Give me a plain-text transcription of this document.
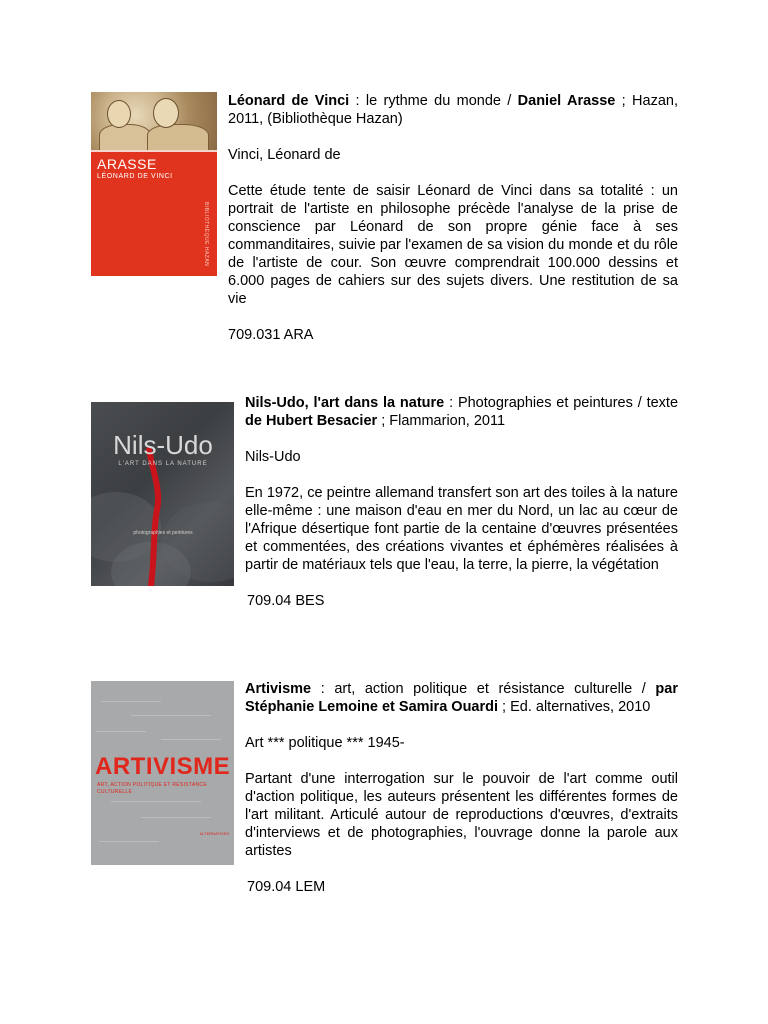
ARASSE
LÉONARD DE VINCI
BIBLIOTHÈQUE HAZAN

Léonard de Vinci : le rythme du monde / Daniel Arasse ; Hazan, 2011, (Bibliothèque Hazan)

Vinci, Léonard de

Cette étude tente de saisir Léonard de Vinci dans sa totalité : un portrait de l'artiste en philosophe précède l'analyse de la prise de conscience par Léonard de son propre génie face à ses commanditaires, suivie par l'examen de sa vision du monde et du rôle de l'artiste de cour. Son œuvre comprendrait 100.000 dessins et 6.000 pages de cahiers sur des sujets divers. Une restitution de sa vie

709.031 ARA

Nils-Udo
L'ART DANS LA NATURE
photographies et peintures

Nils-Udo, l'art dans la nature : Photographies et peintures / texte de Hubert Besacier ; Flammarion, 2011

Nils-Udo

En 1972, ce peintre allemand transfert son art des toiles à la nature elle-même : une maison d'eau en mer du Nord, un lac au cœur de l'Afrique désertique font partie de la centaine d'œuvres présentées et commentées, des créations vivantes et éphémères réalisées à partir de matériaux tels que l'eau, la terre, la pierre, la végétation

709.04 BES

ARTIVISME
ART, ACTION POLITIQUE ET RÉSISTANCE CULTURELLE
ALTERNATIVES

Artivisme : art, action politique et résistance culturelle / par Stéphanie Lemoine et Samira Ouardi ; Ed. alternatives, 2010

Art *** politique *** 1945-

Partant d'une interrogation sur le pouvoir de l'art comme outil d'action politique, les auteurs présentent les différentes formes de l'art militant. Articulé autour de reproductions d'œuvres, d'extraits d'interviews et de photographies, l'ouvrage donne la parole aux artistes

709.04 LEM
